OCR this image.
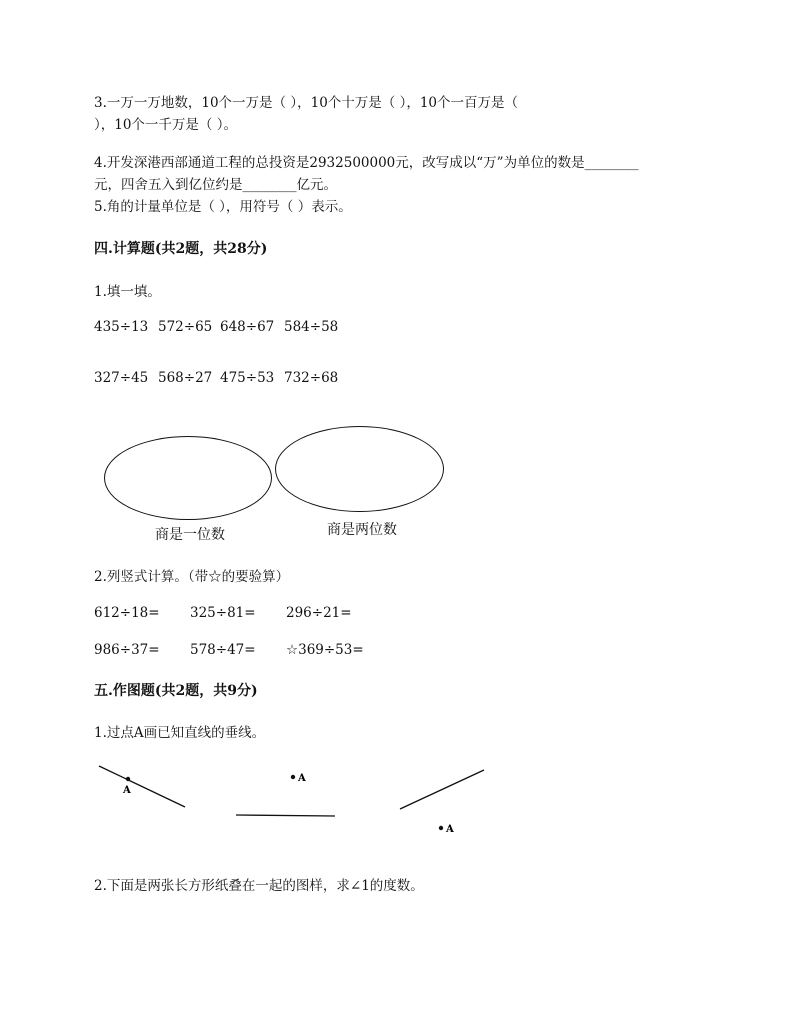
3.一万一万地数，10个一万是（ ），10个十万是（ ），10个一百万是（
），10个一千万是（ ）。
4.开发深港西部通道工程的总投资是2932500000元，改写成以“万”为单位的数是________
元，四舍五入到亿位约是________亿元。
5.角的计量单位是（ ），用符号（ ）表示。
四.计算题(共2题，共28分)
1.填一填。
435÷13 572÷65 648÷67 584÷58
327÷45 568÷27 475÷53 732÷68
商是一位数	商是两位数
2.列竖式计算。（带☆的要验算）
612÷18= 325÷81= 296÷21=
986÷37= 578÷47= ☆369÷53=
五.作图题(共2题，共9分)
1.过点A画已知直线的垂线。
A
A
A
2.下面是两张长方形纸叠在一起的图样，求∠1的度数。
